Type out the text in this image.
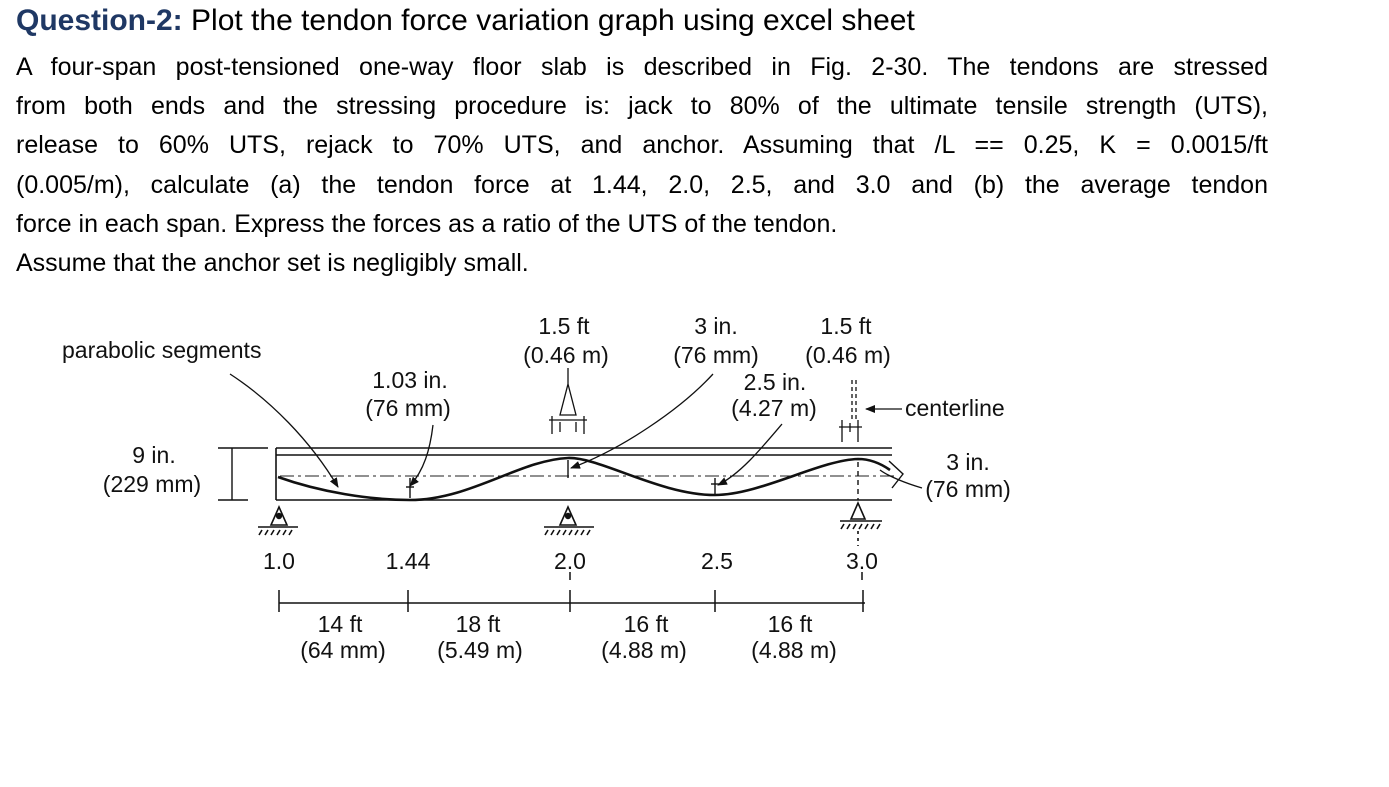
Question-2: Plot the tendon force variation graph using excel sheet
A four-span post-tensioned one-way floor slab is described in Fig. 2-30. The tendons are stressed
from both ends and the stressing procedure is: jack to 80% of the ultimate tensile strength (UTS),
release to 60% UTS, rejack to 70% UTS, and anchor. Assuming that /L == 0.25, K = 0.0015/ft
(0.005/m), calculate (a) the tendon force at 1.44, 2.0, 2.5, and 3.0 and (b) the average tendon
force in each span. Express the forces as a ratio of the UTS of the tendon.
Assume that the anchor set is negligibly small.
parabolic segments
1.03 in.
(76 mm)
1.5 ft
(0.46 m)
3 in.
(76 mm)
1.5 ft
(0.46 m)
2.5 in.
(4.27 m)	centerline
9 in.
(229 mm)
3 in.
(76 mm)
1.0	1.44	2.0	2.5	3.0
14 ft
(64 mm)
18 ft
(5.49 m)
16 ft
(4.88 m)
16 ft
(4.88 m)
